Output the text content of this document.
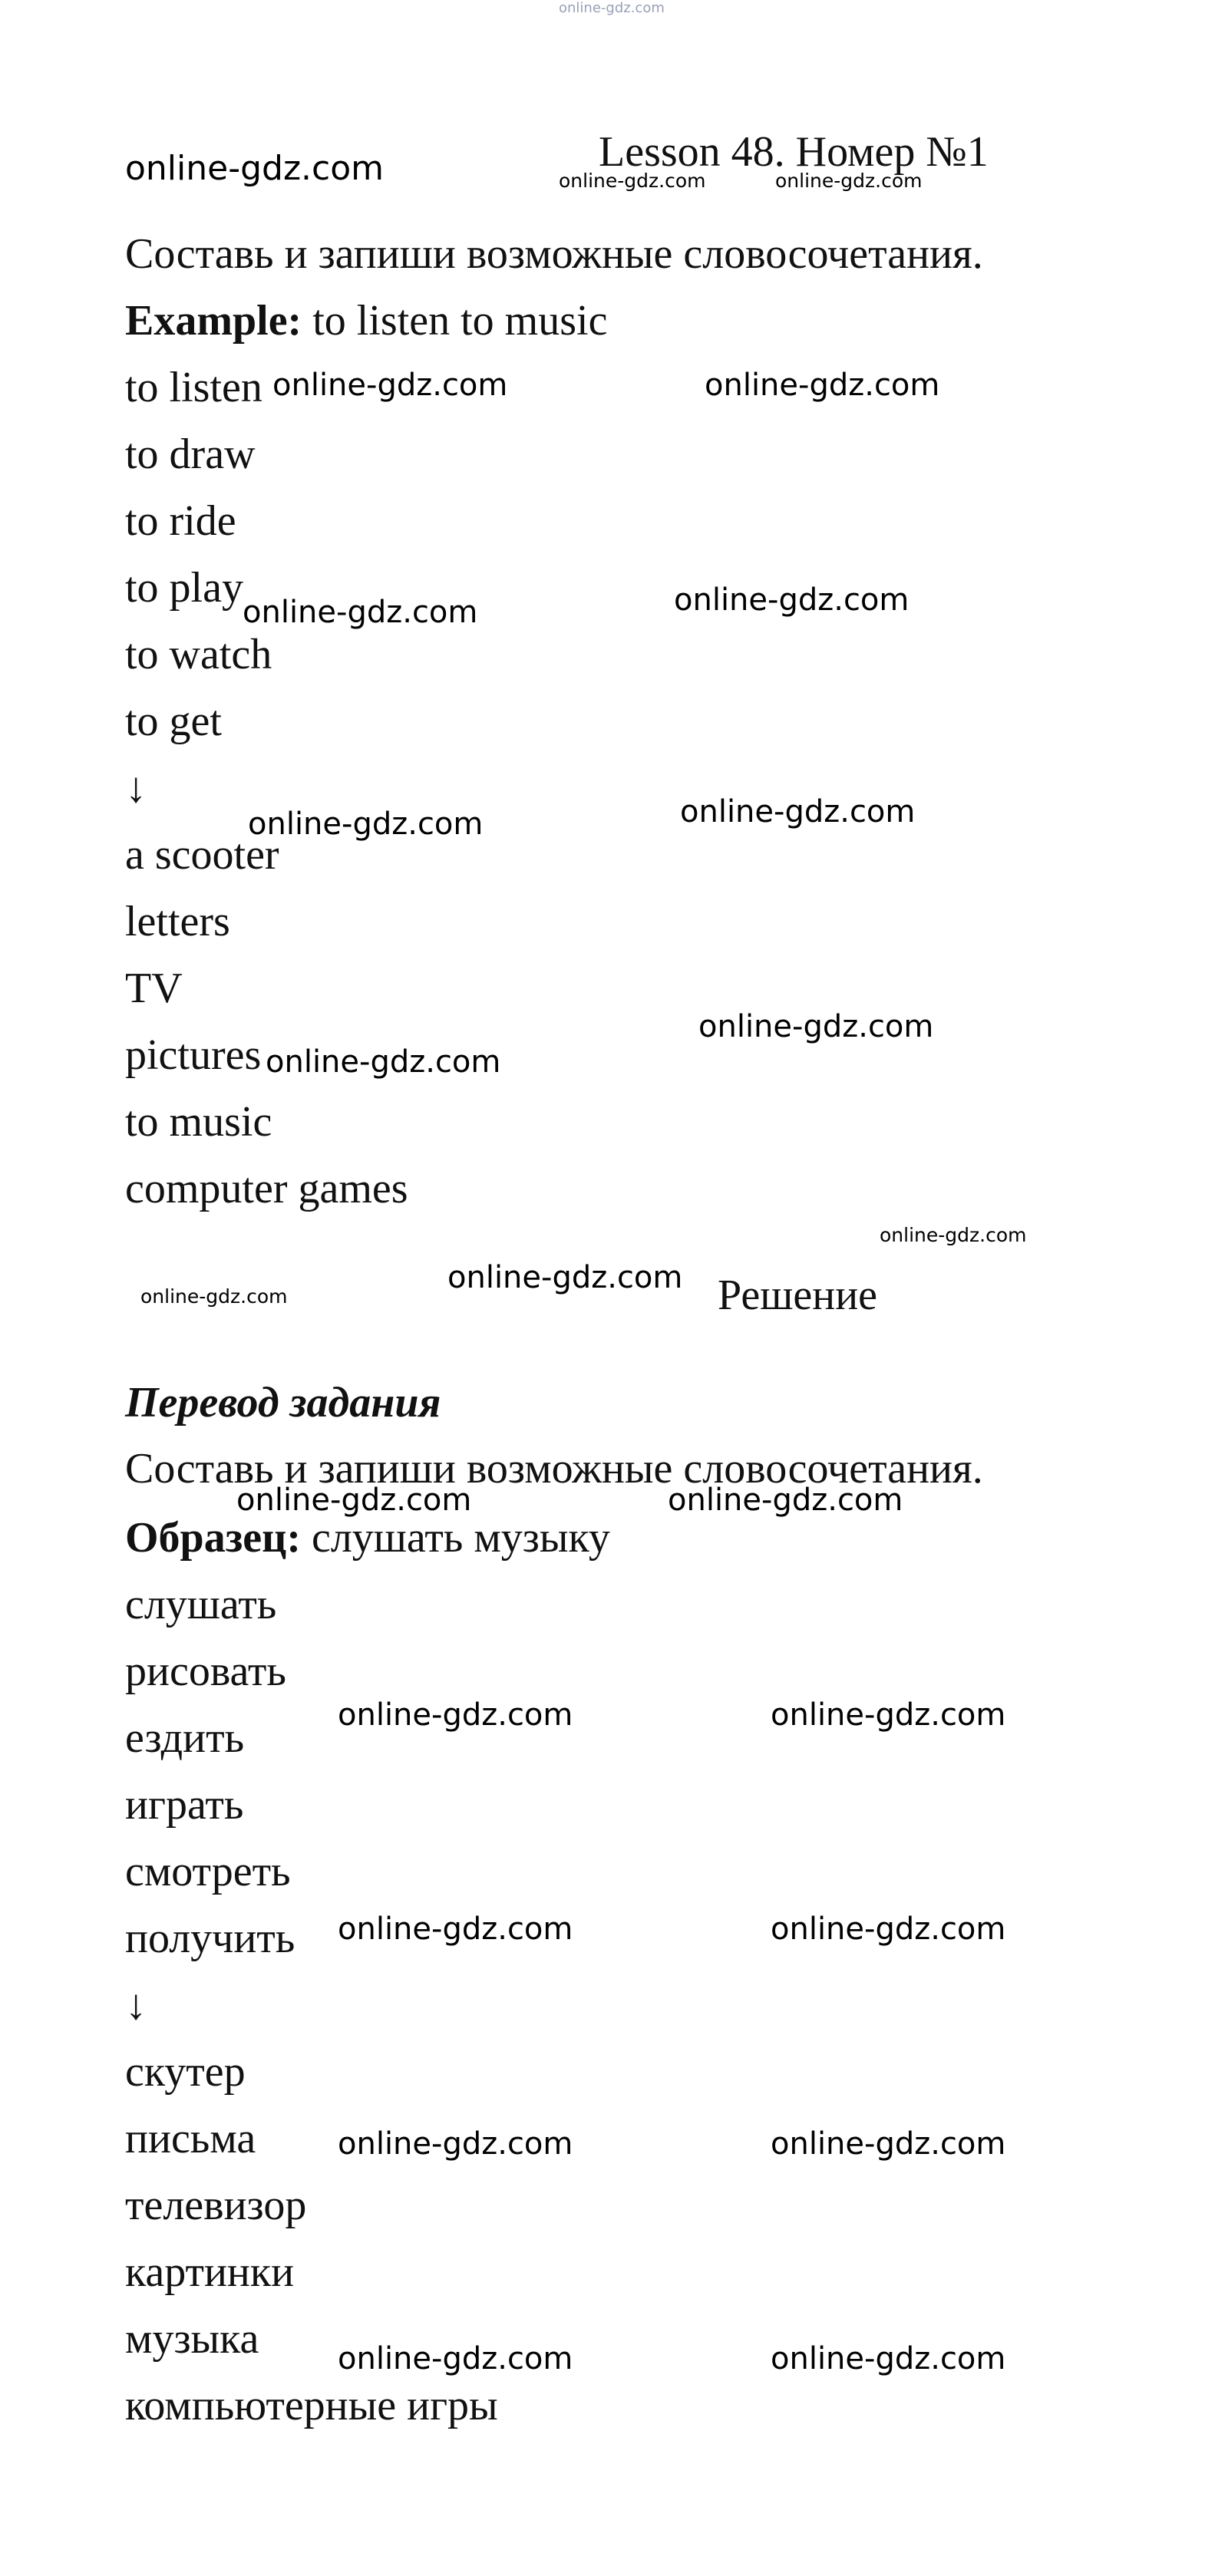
online-gdz.com
online-gdz.com	Lesson 48. Номер №1
online-gdz.com	online-gdz.com
Составь и запиши возможные словосочетания.
Example: to listen to music
to listen
to draw
to ride
to play
to watch
to get
↓
a scooter
letters
TV
pictures
to music
computer games
online-gdz.com	online-gdz.com
online-gdz.com	online-gdz.com
online-gdz.com	online-gdz.com
online-gdz.com
online-gdz.com
online-gdz.com
online-gdz.com
online-gdz.com Решение
Перевод задания
Составь и запиши возможные словосочетания.
online-gdz.com	online-gdz.com
Образец: слушать музыку
слушать
рисовать
ездить
играть
смотреть
получить
↓
скутер
письма
телевизор
картинки
музыка
компьютерные игры
online-gdz.com	online-gdz.com
online-gdz.com	online-gdz.com
online-gdz.com	online-gdz.com
online-gdz.com	online-gdz.com
